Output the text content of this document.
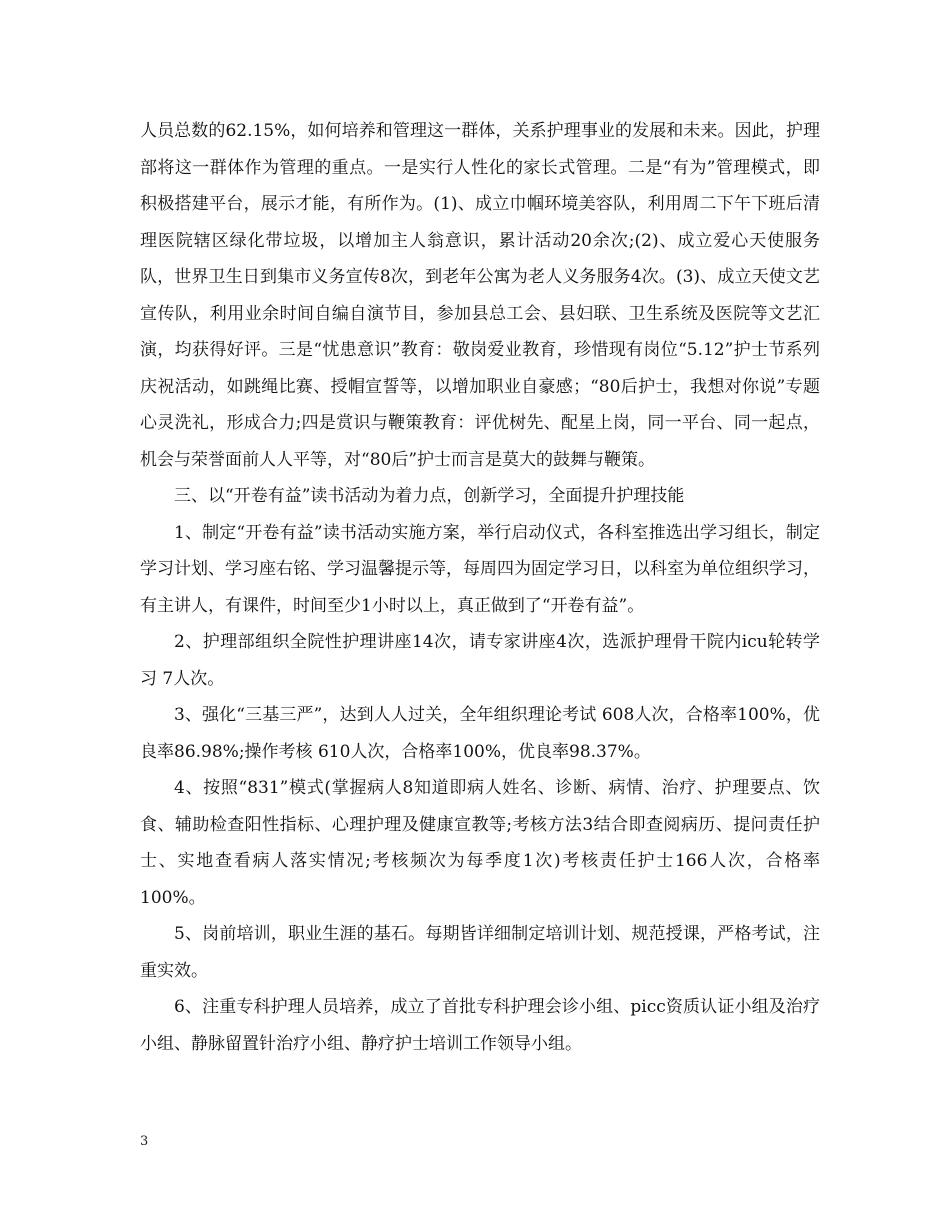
人员总数的62.15%，如何培养和管理这一群体，关系护理事业的发展和未来。因此，护理部将这一群体作为管理的重点。一是实行人性化的家长式管理。二是“有为”管理模式，即积极搭建平台，展示才能，有所作为。(1)、成立巾帼环境美容队，利用周二下午下班后清理医院辖区绿化带垃圾，以增加主人翁意识，累计活动20余次;(2)、成立爱心天使服务队，世界卫生日到集市义务宣传8次，到老年公寓为老人义务服务4次。(3)、成立天使文艺宣传队，利用业余时间自编自演节目，参加县总工会、县妇联、卫生系统及医院等文艺汇演，均获得好评。三是“忧患意识”教育：敬岗爱业教育，珍惜现有岗位“5.12”护士节系列庆祝活动，如跳绳比赛、授帽宣誓等，以增加职业自豪感；“80后护士，我想对你说”专题心灵洗礼，形成合力;四是赏识与鞭策教育：评优树先、配星上岗，同一平台、同一起点，机会与荣誉面前人人平等，对“80后”护士而言是莫大的鼓舞与鞭策。

三、以“开卷有益”读书活动为着力点，创新学习，全面提升护理技能

1、制定“开卷有益”读书活动实施方案，举行启动仪式，各科室推选出学习组长，制定学习计划、学习座右铭、学习温馨提示等，每周四为固定学习日，以科室为单位组织学习，有主讲人，有课件，时间至少1小时以上，真正做到了“开卷有益”。

2、护理部组织全院性护理讲座14次，请专家讲座4次，选派护理骨干院内icu轮转学习 7人次。

3、强化“三基三严”，达到人人过关，全年组织理论考试 608人次，合格率100%，优良率86.98%;操作考核 610人次，合格率100%，优良率98.37%。

4、按照“831”模式(掌握病人8知道即病人姓名、诊断、病情、治疗、护理要点、饮食、辅助检查阳性指标、心理护理及健康宣教等;考核方法3结合即查阅病历、提问责任护士、实地查看病人落实情况;考核频次为每季度1次)考核责任护士166人次，合格率100%。

5、岗前培训，职业生涯的基石。每期皆详细制定培训计划、规范授课，严格考试，注重实效。

6、注重专科护理人员培养，成立了首批专科护理会诊小组、picc资质认证小组及治疗小组、静脉留置针治疗小组、静疗护士培训工作领导小组。

3
